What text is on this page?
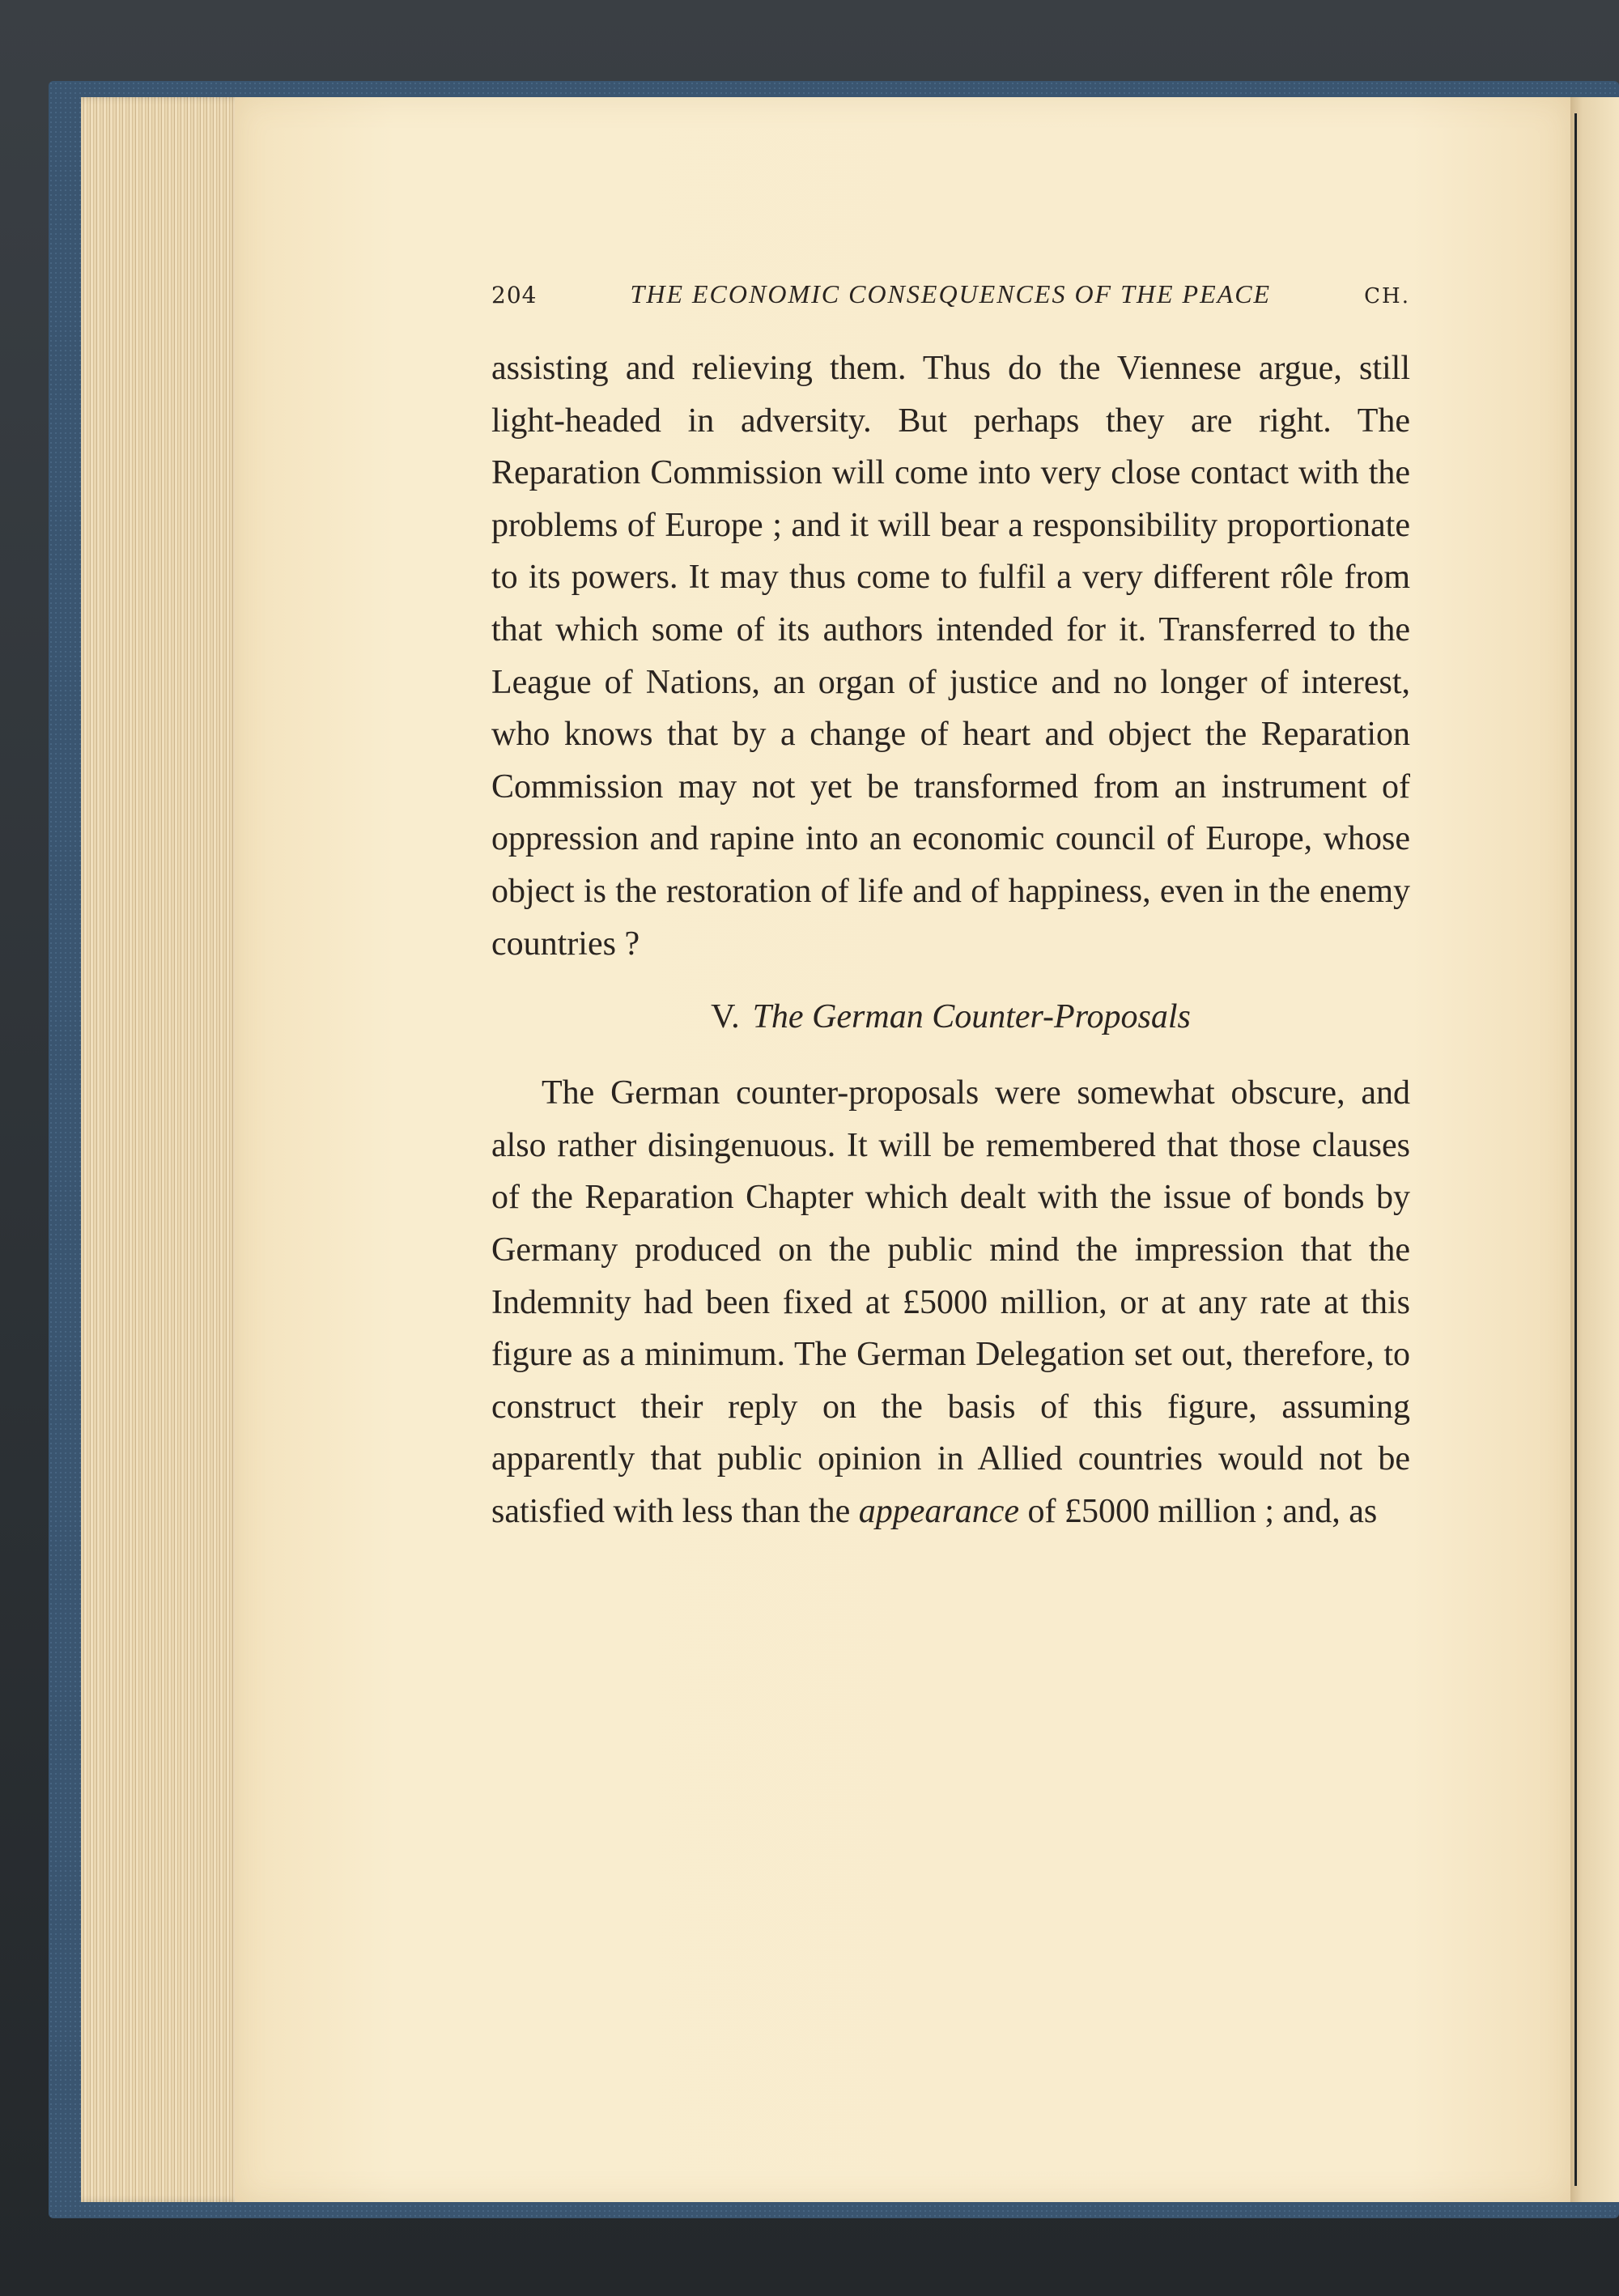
204	THE ECONOMIC CONSEQUENCES OF THE PEACE	CH.

assisting and relieving them. Thus do the Viennese argue, still light-headed in adversity. But perhaps they are right. The Reparation Commission will come into very close contact with the problems of Europe ; and it will bear a responsibility proportionate to its powers. It may thus come to fulfil a very different rôle from that which some of its authors intended for it. Transferred to the League of Nations, an organ of justice and no longer of interest, who knows that by a change of heart and object the Reparation Commission may not yet be transformed from an instrument of oppression and rapine into an economic council of Europe, whose object is the restoration of life and of happiness, even in the enemy countries ?

V. The German Counter-Proposals

The German counter-proposals were somewhat obscure, and also rather disingenuous. It will be remembered that those clauses of the Reparation Chapter which dealt with the issue of bonds by Germany produced on the public mind the impression that the Indemnity had been fixed at £5000 million, or at any rate at this figure as a minimum. The German Delegation set out, therefore, to construct their reply on the basis of this figure, assuming apparently that public opinion in Allied countries would not be satisfied with less than the appearance of £5000 million ; and, as
